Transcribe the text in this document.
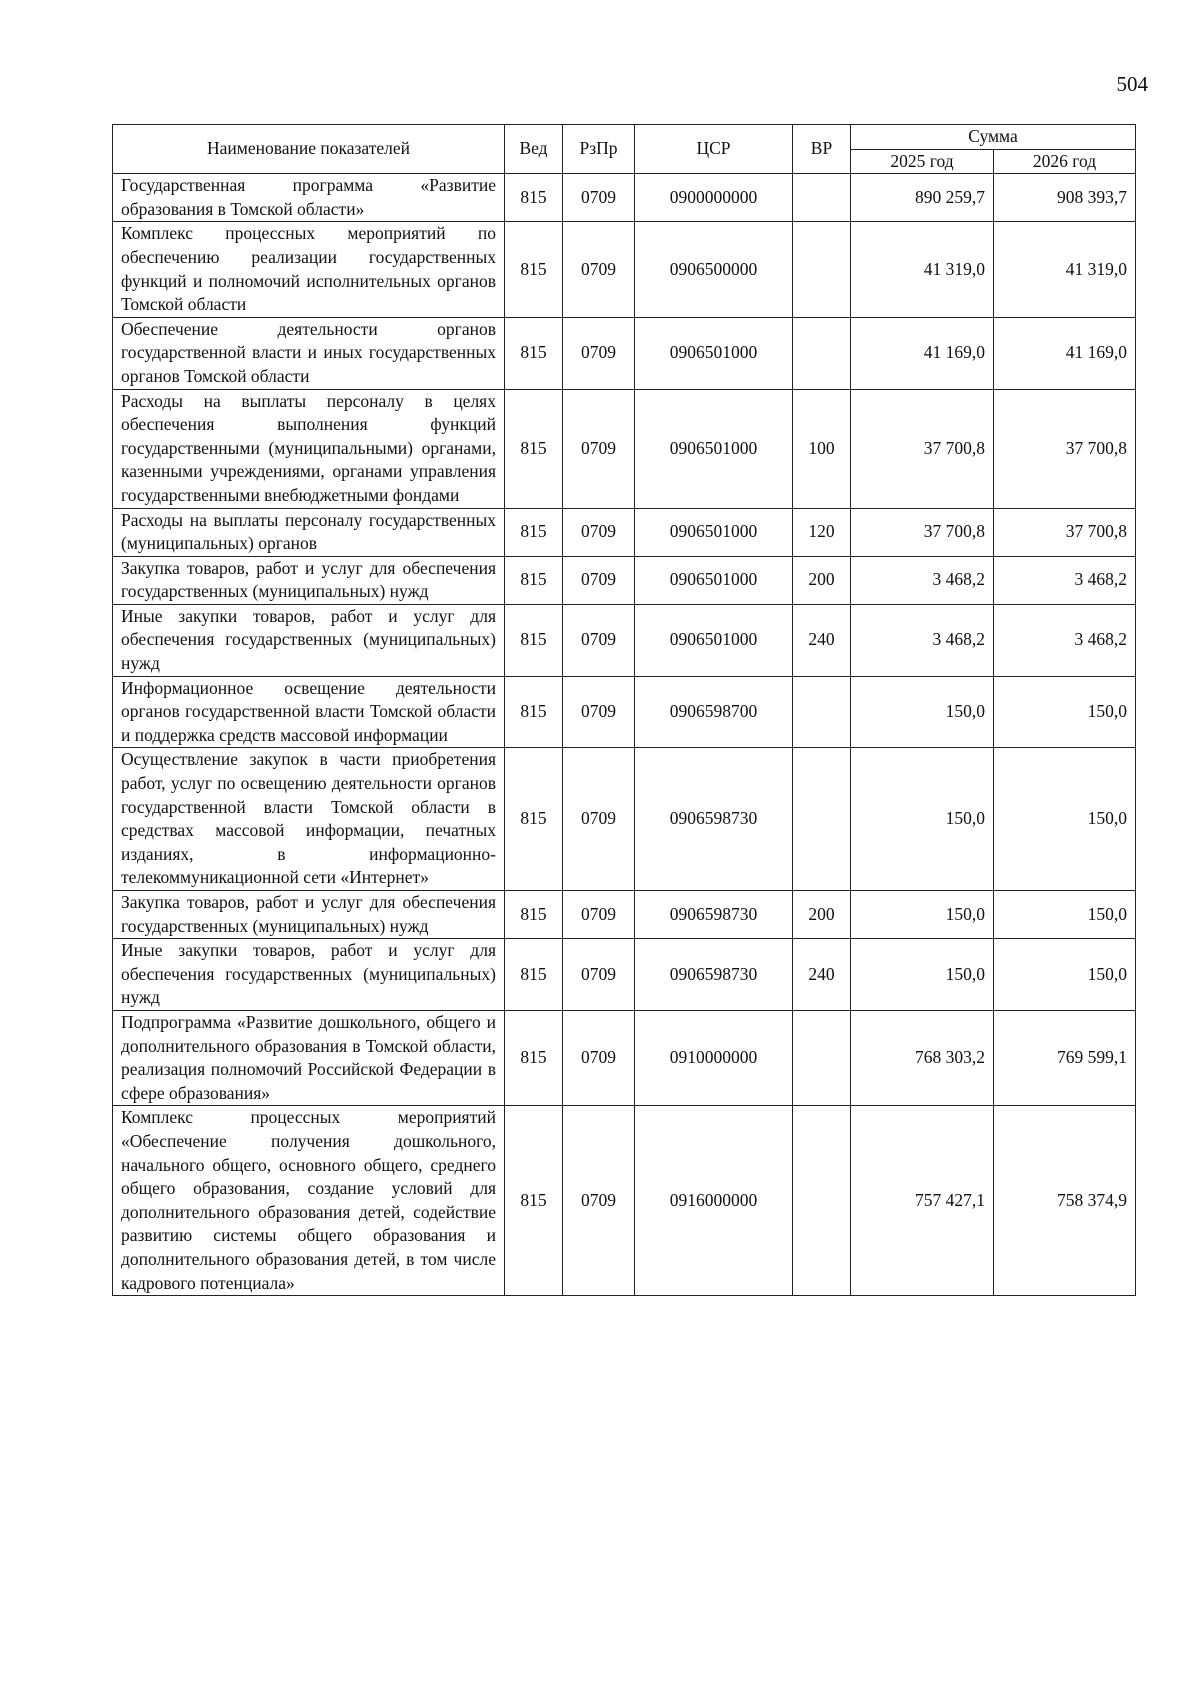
504
Наименование показателей	Вед	РзПр	ЦСР	ВР	Сумма	
					2025 год	2026 год
Государственная программа «Развитие образования в Томской области»	815	0709	0900000000		890 259,7	908 393,7
Комплекс процессных мероприятий по обеспечению реализации государственных функций и полномочий исполнительных органов Томской области	815	0709	0906500000		41 319,0	41 319,0
Обеспечение деятельности органов государственной власти и иных государственных органов Томской области	815	0709	0906501000		41 169,0	41 169,0
Расходы на выплаты персоналу в целях обеспечения выполнения функций государственными (муниципальными) органами, казенными учреждениями, органами управления государственными внебюджетными фондами	815	0709	0906501000	100	37 700,8	37 700,8
Расходы на выплаты персоналу государственных (муниципальных) органов	815	0709	0906501000	120	37 700,8	37 700,8
Закупка товаров, работ и услуг для обеспечения государственных (муниципальных) нужд	815	0709	0906501000	200	3 468,2	3 468,2
Иные закупки товаров, работ и услуг для обеспечения государственных (муниципальных) нужд	815	0709	0906501000	240	3 468,2	3 468,2
Информационное освещение деятельности органов государственной власти Томской области и поддержка средств массовой информации	815	0709	0906598700		150,0	150,0
Осуществление закупок в части приобретения работ, услуг по освещению деятельности органов государственной власти Томской области в средствах массовой информации, печатных изданиях, в информационно-телекоммуникационной сети «Интернет»	815	0709	0906598730		150,0	150,0
Закупка товаров, работ и услуг для обеспечения государственных (муниципальных) нужд	815	0709	0906598730	200	150,0	150,0
Иные закупки товаров, работ и услуг для обеспечения государственных (муниципальных) нужд	815	0709	0906598730	240	150,0	150,0
Подпрограмма «Развитие дошкольного, общего и дополнительного образования в Томской области, реализация полномочий Российской Федерации в сфере образования»	815	0709	0910000000		768 303,2	769 599,1
Комплекс процессных мероприятий «Обеспечение получения дошкольного, начального общего, основного общего, среднего общего образования, создание условий для дополнительного образования детей, содействие развитию системы общего образования и дополнительного образования детей, в том числе кадрового потенциала»	815	0709	0916000000		757 427,1	758 374,9
